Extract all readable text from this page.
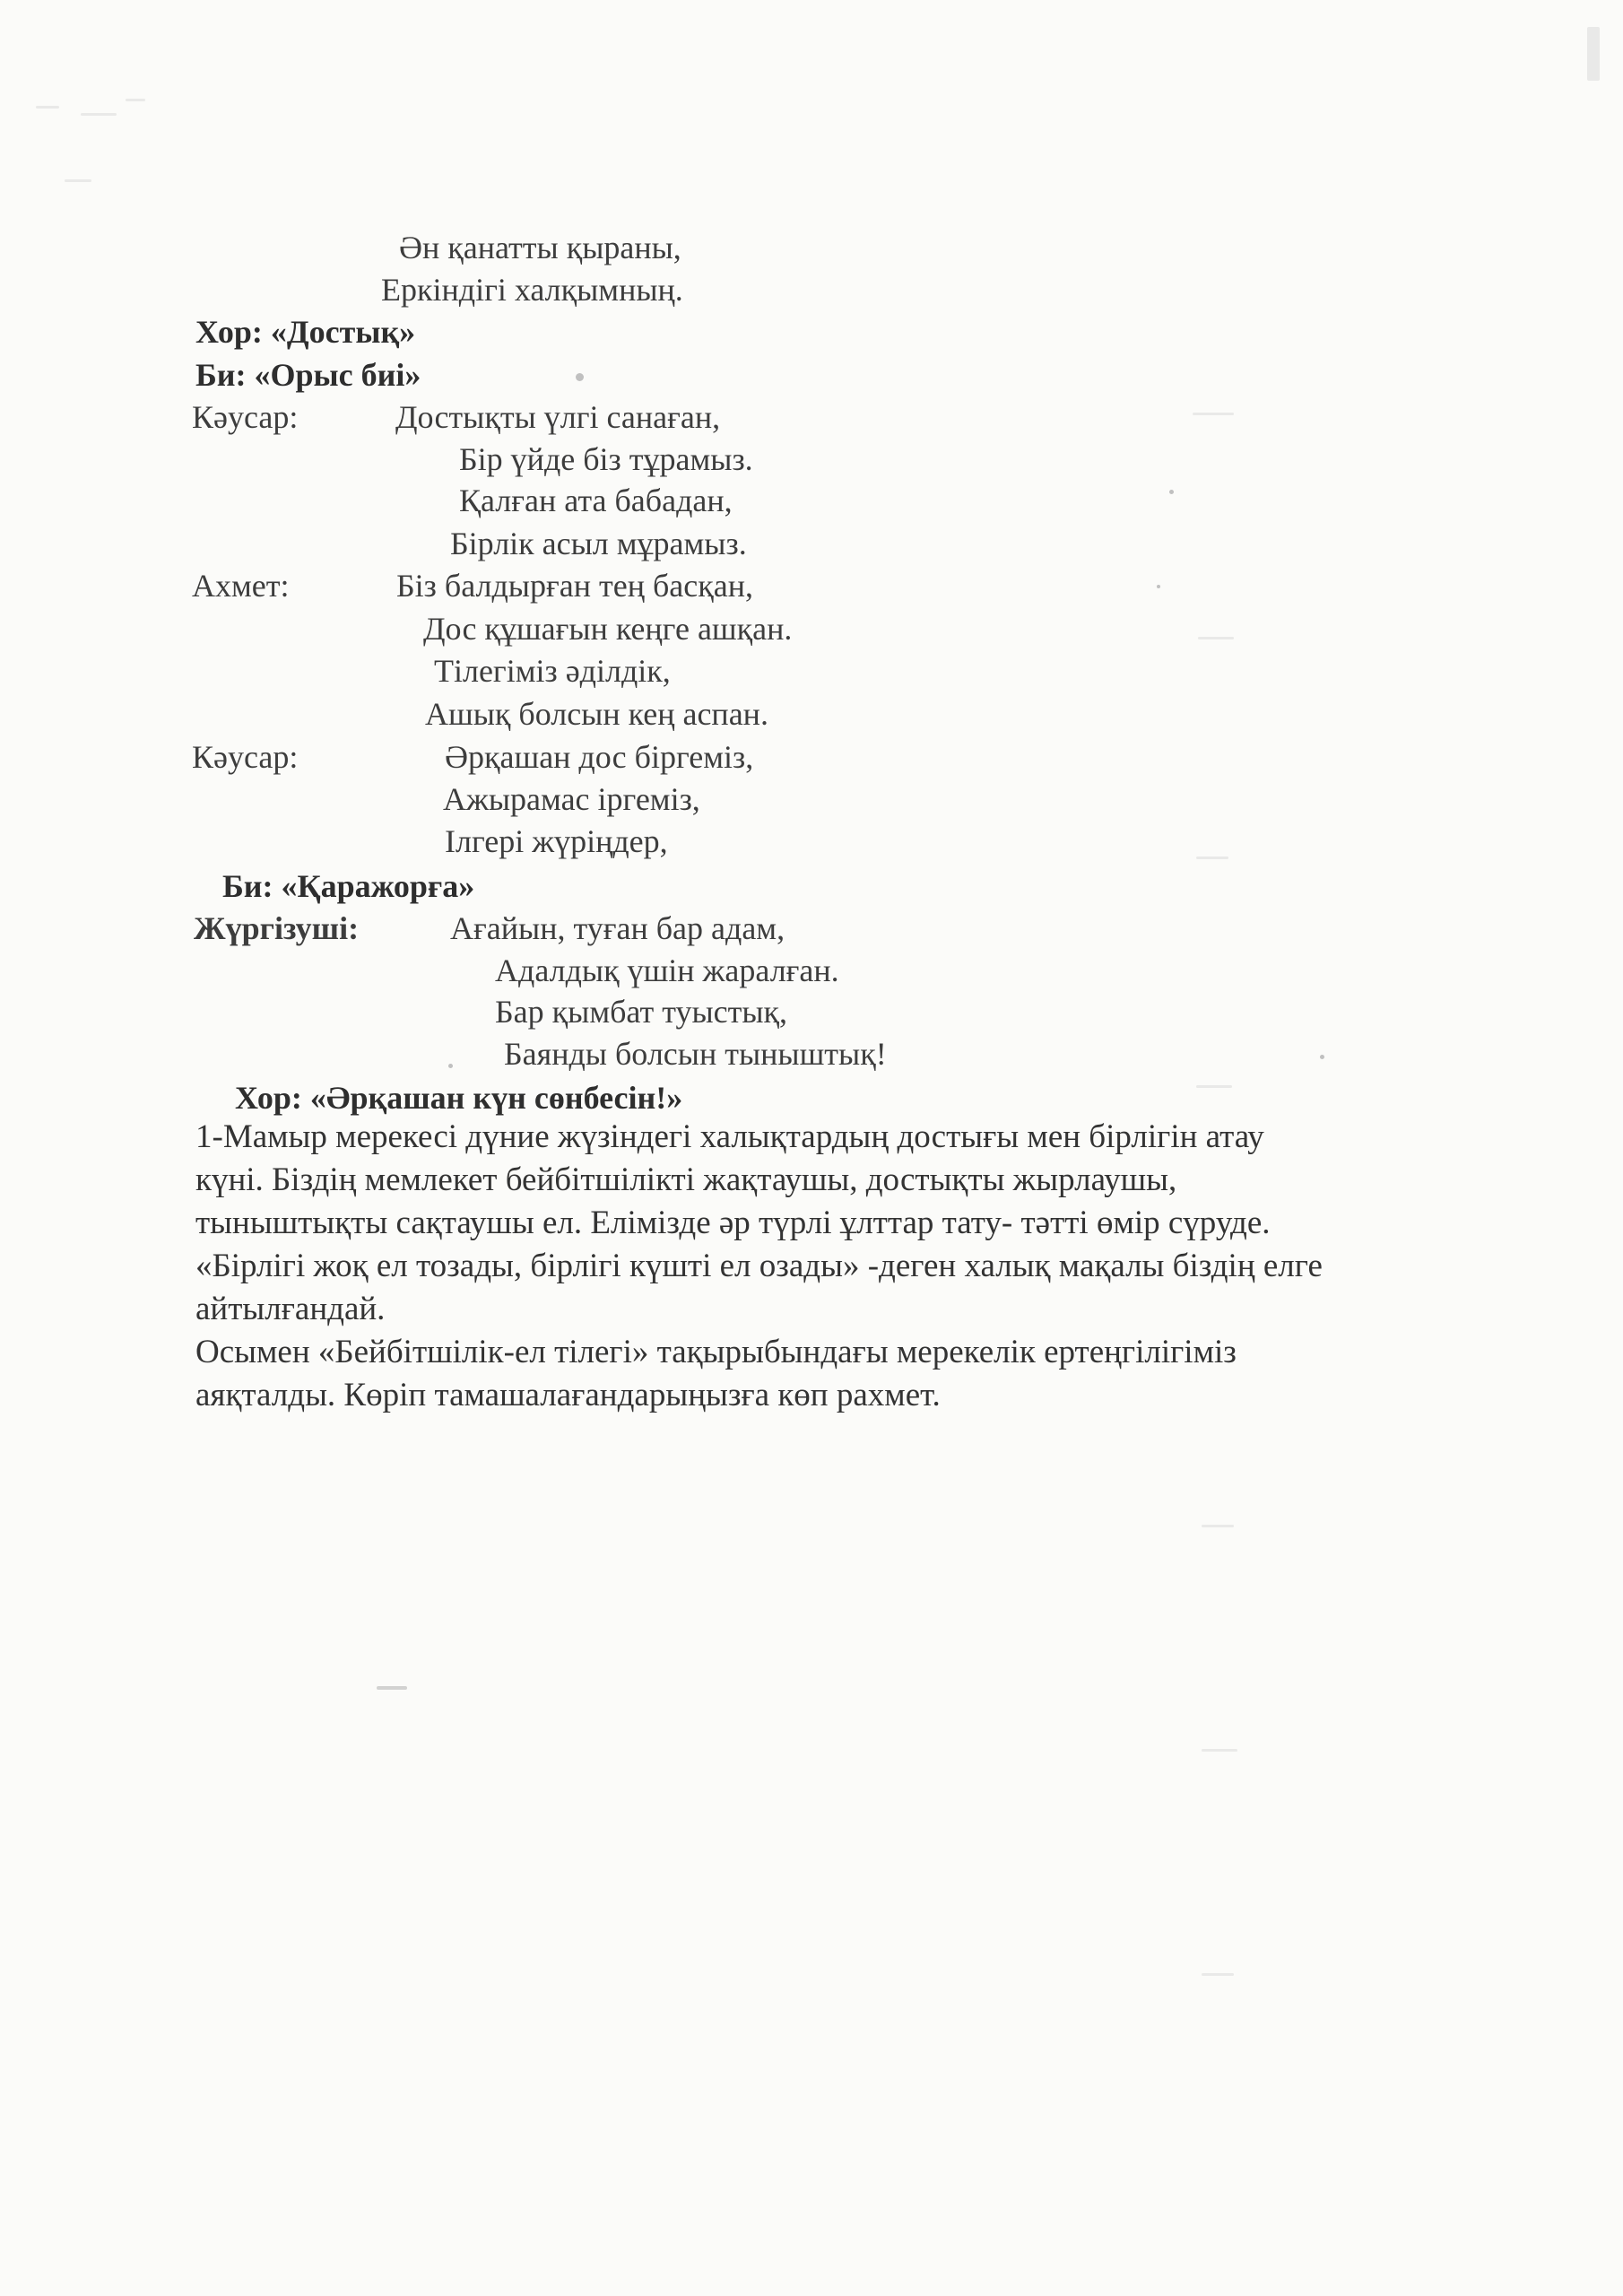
Ән қанатты қыраны,
Еркіндігі халқымның.
Хор: «Достық»
Би: «Орыс биі»
Кәусар:	Достықты үлгі санаған,
Бір үйде біз тұрамыз.
Қалған ата бабадан,
Бірлік асыл мұрамыз.
Ахмет:	Біз балдырған тең басқан,
Дос құшағын кеңге ашқан.
Тілегіміз әділдік,
Ашық болсын кең аспан.
Кәусар:	Әрқашан дос біргеміз,
Ажырамас іргеміз,
Ілгері жүріңдер,
Би: «Қаражорға»
Жүргізуші:	Ағайын, туған бар адам,
Адалдық үшін жаралған.
Бар қымбат туыстық,
Баянды болсын тыныштық!
Хор: «Әрқашан күн сөнбесін!»

1-Мамыр мерекесі дүние жүзіндегі халықтардың достығы мен бірлігін атау

күні. Біздің мемлекет бейбітшілікті жақтаушы, достықты жырлаушы,

тыныштықты сақтаушы ел. Елімізде әр түрлі ұлттар тату- тәтті өмір сүруде.

«Бірлігі жоқ ел тозады, бірлігі күшті ел озады» -деген халық мақалы біздің елге

айтылғандай.

Осымен «Бейбітшілік-ел тілегі» тақырыбындағы мерекелік ертеңгілігіміз

аяқталды. Көріп тамашалағандарыңызға көп рахмет.
